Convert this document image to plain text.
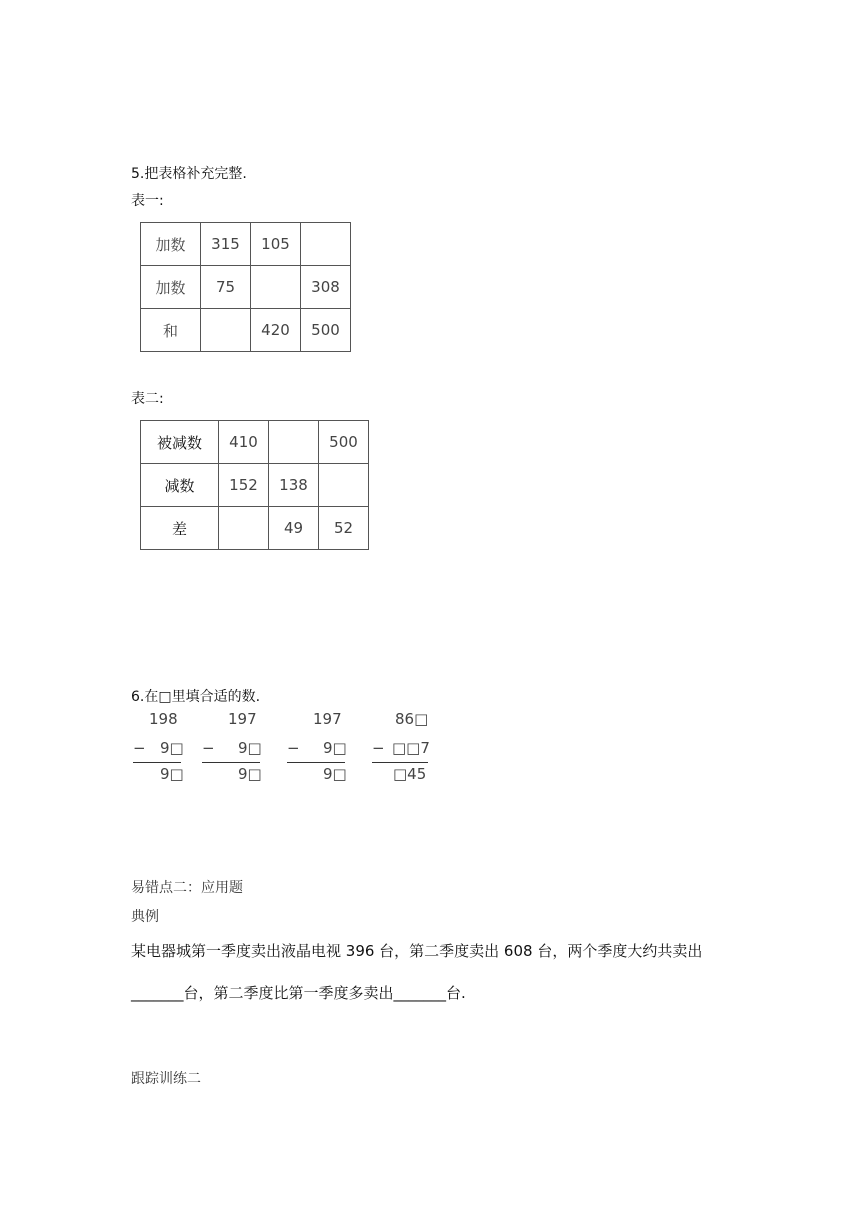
5.把表格补充完整.
表一:
加数	315	105	
加数	75		308
和		420	500
表二:
被减数	410		500
减数	152	138	
差		49	52
6.在□里填合适的数.
198
− 9□
9□
197
− 9□
9□
197
− 9□
9□
86□
− □□7
□45
易错点二：应用题
典例
某电器城第一季度卖出液晶电视 396 台，第二季度卖出 608 台，两个季度大约共卖出
_______台，第二季度比第一季度多卖出_______台.
跟踪训练二
